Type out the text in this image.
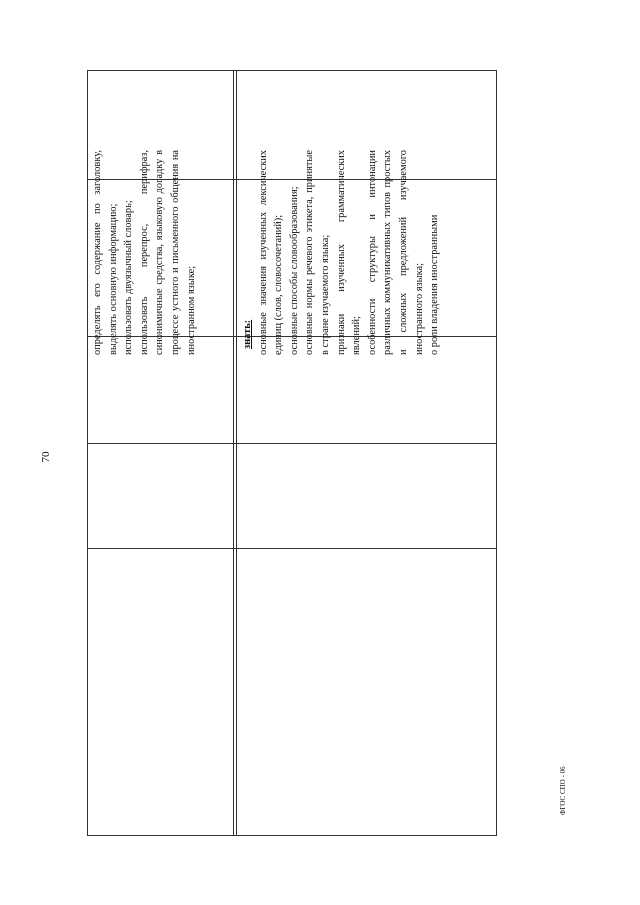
70
ФГОС СПО - 06

определять его содержание по заголовку, выделять основную информацию; использовать двуязычный словарь; использовать перепрос, перифраз, синонимичные средства, языковую догадку в процессе устного и письменного общения на иностранном языке;	знать: основные значения изученных лексических единиц (слов, словосочетаний); основные способы словообразования; основные нормы речевого этикета, принятые в стране изучаемого языка; признаки изученных грамматических явлений; особенности структуры и интонации различных коммуникативных типов простых и сложных предложений изучаемого иностранного языка; о роли владения иностранными
